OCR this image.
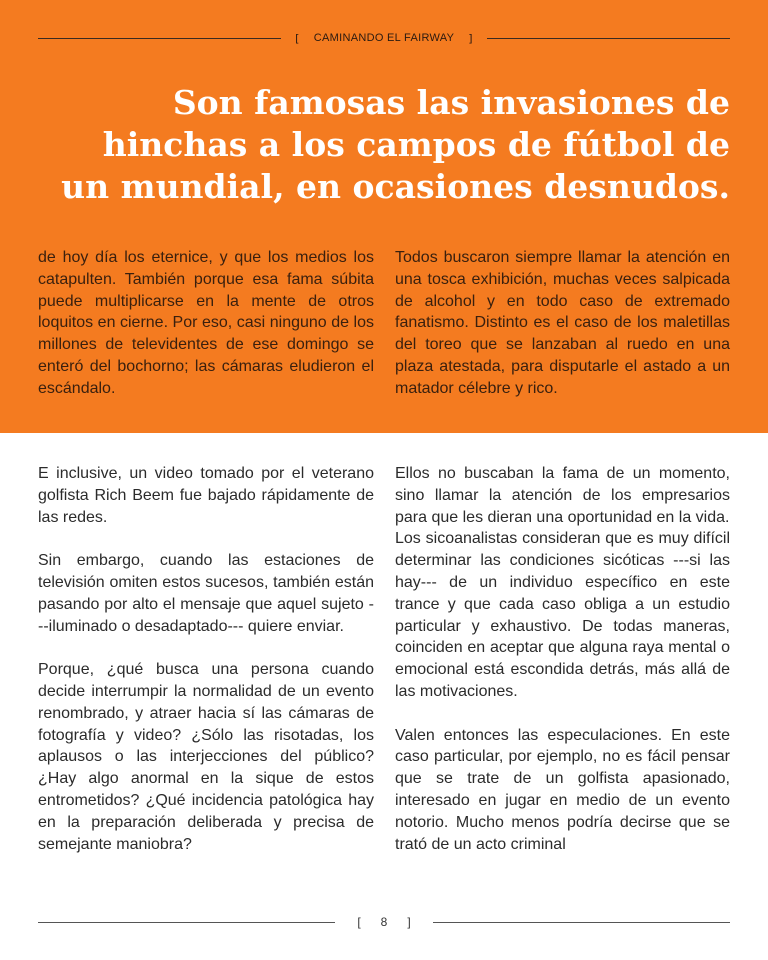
[ CAMINANDO EL FAIRWAY ]
Son famosas las invasiones de
hinchas a los campos de fútbol de
un mundial, en ocasiones desnudos.

de hoy día los eternice, y que los medios los catapulten. También porque esa fama súbita puede multiplicarse en la mente de otros loquitos en cierne. Por eso, casi ninguno de los millones de televidentes de ese domingo se enteró del bochorno; las cámaras eludieron el escándalo.

Todos buscaron siempre llamar la atención en una tosca exhibición, muchas veces salpicada de alcohol y en todo caso de extremado fanatismo. Distinto es el caso de los maletillas del toreo que se lanzaban al ruedo en una plaza atestada, para disputarle el astado a un matador célebre y rico.

E inclusive, un video tomado por el veterano golfista Rich Beem fue bajado rápidamente de las redes.

Sin embargo, cuando las estaciones de televisión omiten estos sucesos, también están pasando por alto el mensaje que aquel sujeto ---iluminado o desadaptado--- quiere enviar.

Porque, ¿qué busca una persona cuando decide interrumpir la normalidad de un evento renombrado, y atraer hacia sí las cámaras de fotografía y video? ¿Sólo las risotadas, los aplausos o las interjecciones del público? ¿Hay algo anormal en la sique de estos entrometidos? ¿Qué incidencia patológica hay en la preparación deliberada y precisa de semejante maniobra?

Ellos no buscaban la fama de un momento, sino llamar la atención de los empresarios para que les dieran una oportunidad en la vida.

Los sicoanalistas consideran que es muy difícil determinar las condiciones sicóticas ---si las hay--- de un individuo específico en este trance y que cada caso obliga a un estudio particular y exhaustivo. De todas maneras, coinciden en aceptar que alguna raya mental o emocional está escondida detrás, más allá de las motivaciones.

Valen entonces las especulaciones. En este caso particular, por ejemplo, no es fácil pensar que se trate de un golfista apasionado, interesado en jugar en medio de un evento notorio. Mucho menos podría decirse que se trató de un acto criminal

[ 8 ]
